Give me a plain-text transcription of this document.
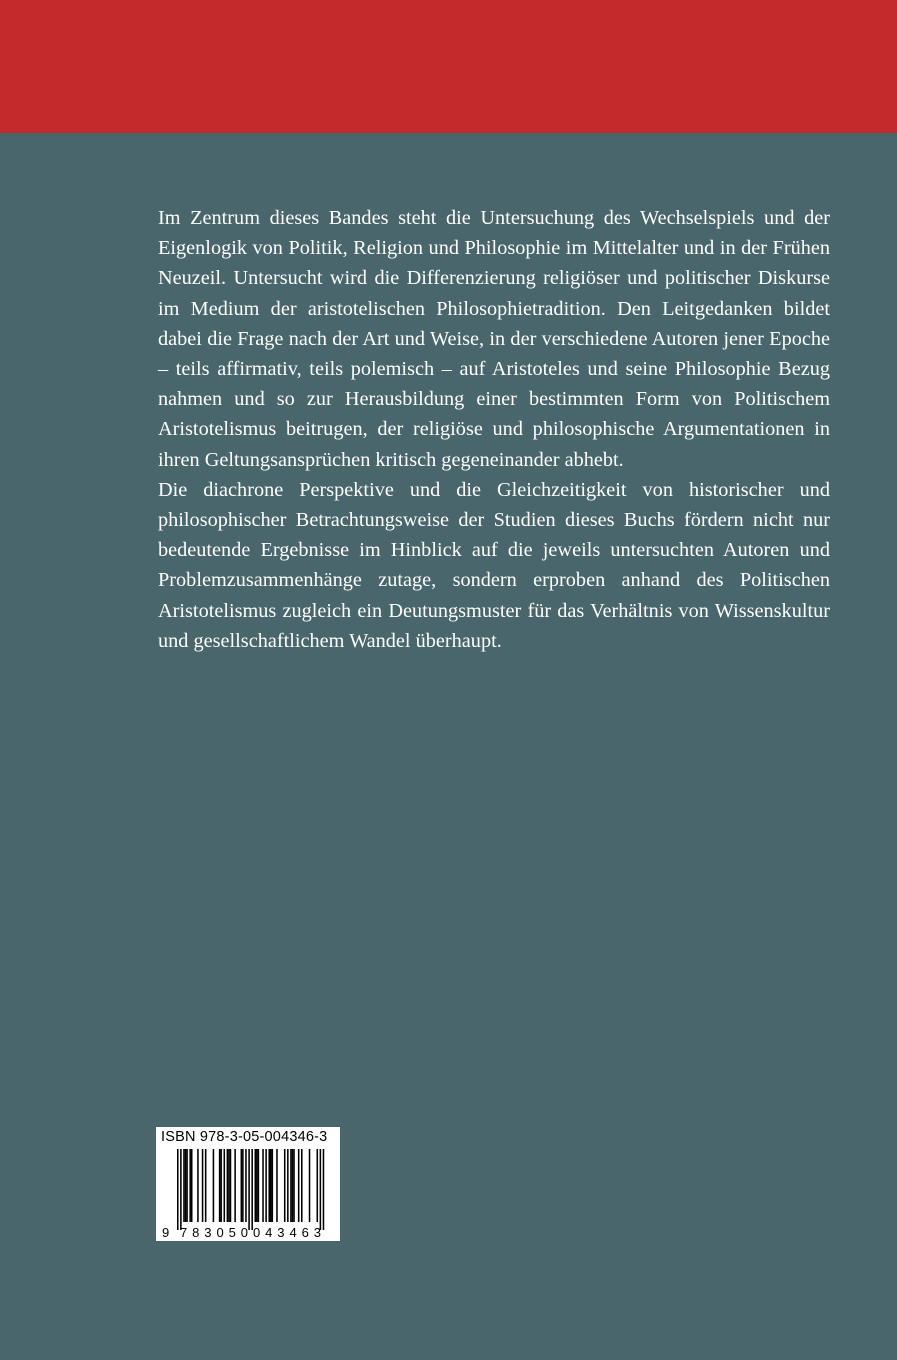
Im Zentrum dieses Bandes steht die Untersuchung des Wechselspiels und der Eigenlogik von Politik, Religion und Philosophie im Mittelalter und in der Frühen Neuzeil. Untersucht wird die Differenzierung religiöser und politischer Diskurse im Medium der aristotelischen Philosophietradition. Den Leitgedanken bildet dabei die Frage nach der Art und Weise, in der verschiedene Autoren jener Epoche – teils affirmativ, teils polemisch – auf Aristoteles und seine Philosophie Bezug nahmen und so zur Herausbildung einer bestimmten Form von Politischem Aristotelismus beitrugen, der religiöse und philosophische Argumentationen in ihren Geltungsansprüchen kritisch gegeneinander abhebt.

Die diachrone Perspektive und die Gleichzeitigkeit von historischer und philosophischer Betrachtungsweise der Studien dieses Buchs fördern nicht nur bedeutende Ergebnisse im Hinblick auf die jeweils untersuchten Autoren und Problemzusammenhänge zutage, sondern erproben anhand des Politischen Aristotelismus zugleich ein Deutungsmuster für das Verhältnis von Wissenskultur und gesellschaftlichem Wandel überhaupt.

ISBN 978-3-05-004346-3
9 783050 043463
